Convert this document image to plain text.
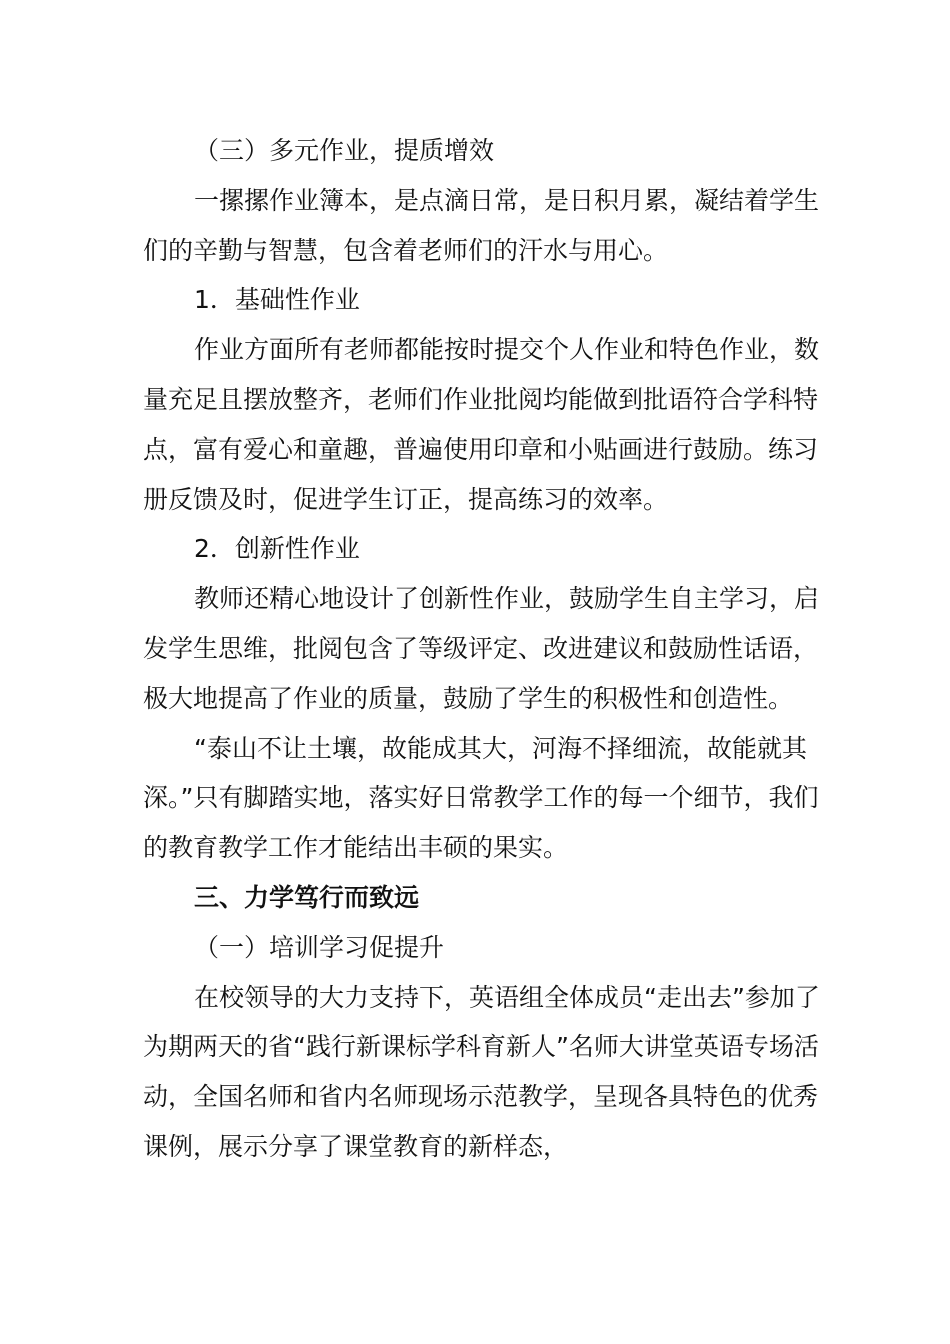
（三）多元作业，提质增效

一摞摞作业簿本，是点滴日常，是日积月累，凝结着学生们的辛勤与智慧，包含着老师们的汗水与用心。

1．基础性作业

作业方面所有老师都能按时提交个人作业和特色作业，数量充足且摆放整齐，老师们作业批阅均能做到批语符合学科特点，富有爱心和童趣，普遍使用印章和小贴画进行鼓励。练习册反馈及时，促进学生订正，提高练习的效率。

2．创新性作业

教师还精心地设计了创新性作业，鼓励学生自主学习，启发学生思维，批阅包含了等级评定、改进建议和鼓励性话语，极大地提高了作业的质量，鼓励了学生的积极性和创造性。

“泰山不让土壤，故能成其大，河海不择细流，故能就其深。”只有脚踏实地，落实好日常教学工作的每一个细节，我们的教育教学工作才能结出丰硕的果实。

三、力学笃行而致远

（一）培训学习促提升

在校领导的大力支持下，英语组全体成员“走出去”参加了为期两天的省“践行新课标学科育新人”名师大讲堂英语专场活动，全国名师和省内名师现场示范教学，呈现各具特色的优秀课例，展示分享了课堂教育的新样态，
